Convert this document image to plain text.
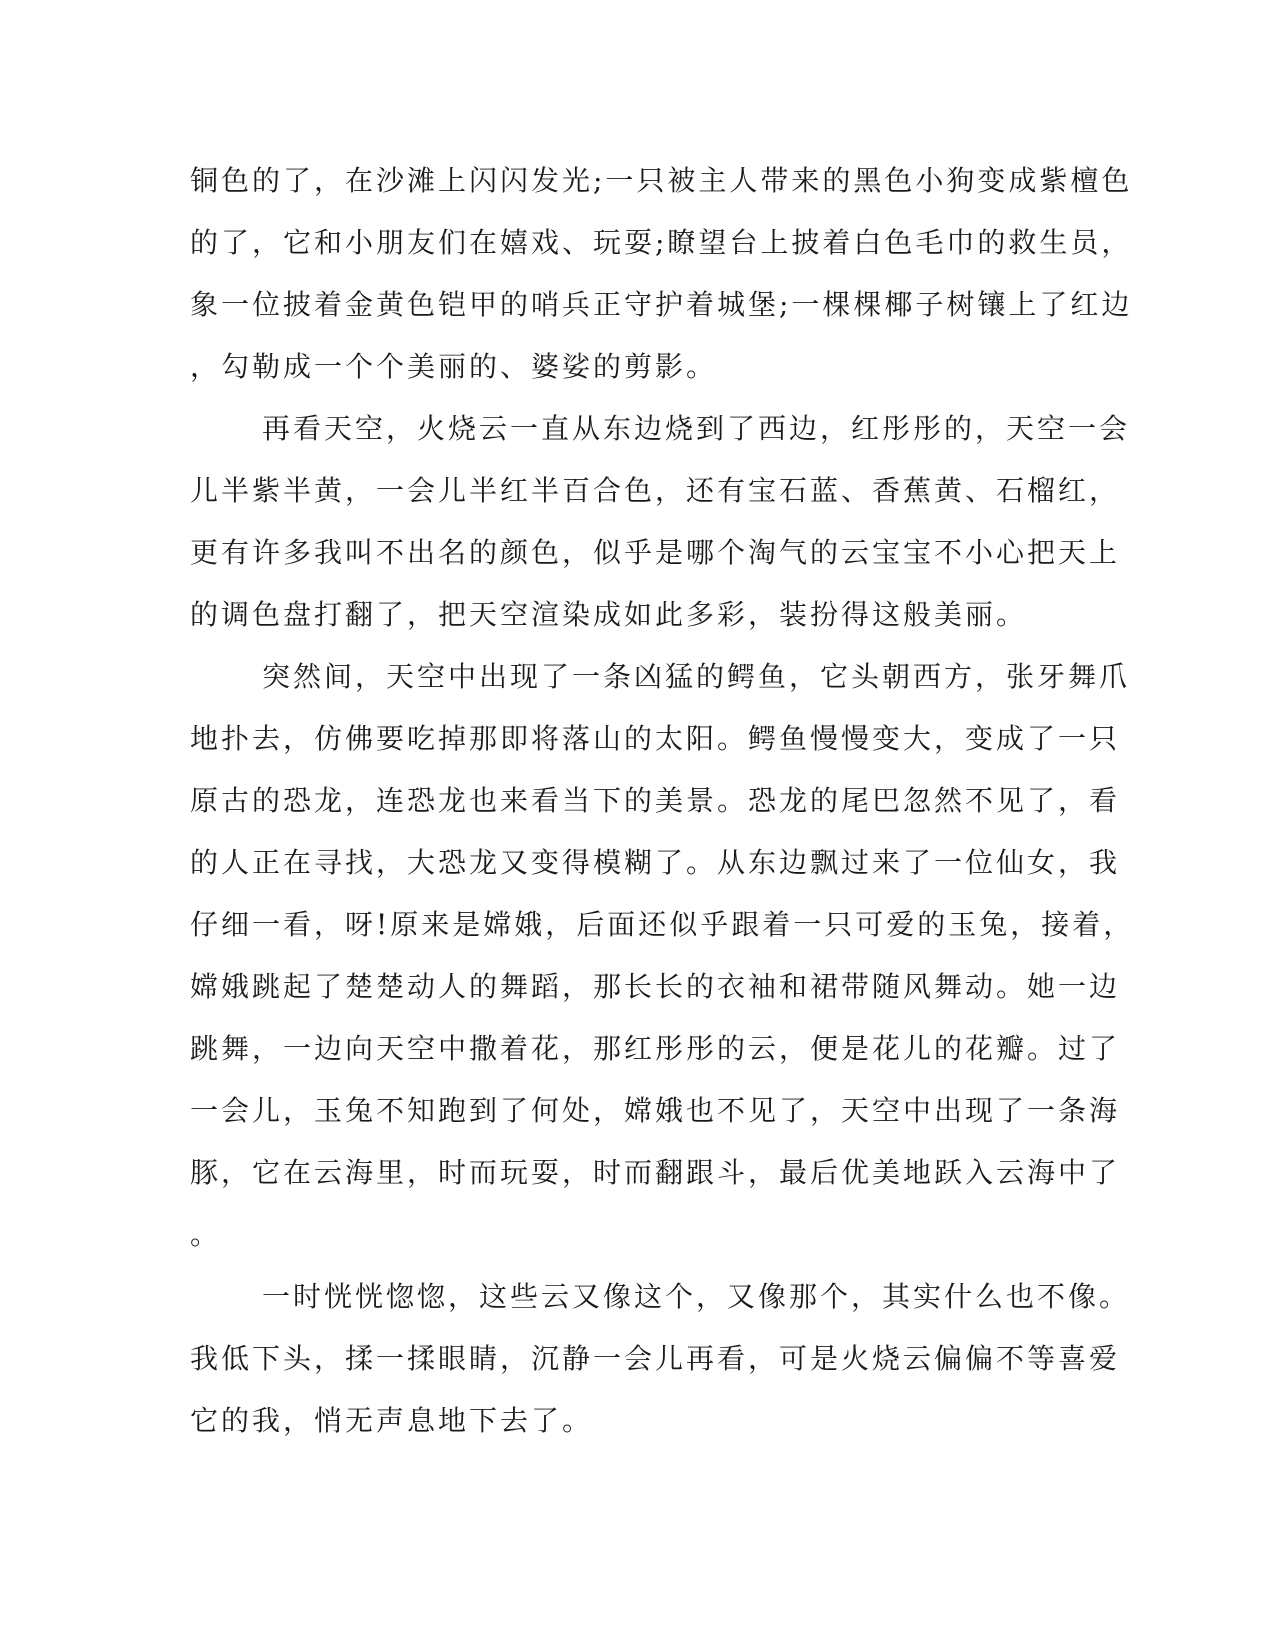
铜色的了，在沙滩上闪闪发光;一只被主人带来的黑色小狗变成紫檀色
的了，它和小朋友们在嬉戏、玩耍;瞭望台上披着白色毛巾的救生员，
象一位披着金黄色铠甲的哨兵正守护着城堡;一棵棵椰子树镶上了红边
，勾勒成一个个美丽的、婆娑的剪影。
再看天空，火烧云一直从东边烧到了西边，红彤彤的，天空一会
儿半紫半黄，一会儿半红半百合色，还有宝石蓝、香蕉黄、石榴红，
更有许多我叫不出名的颜色，似乎是哪个淘气的云宝宝不小心把天上
的调色盘打翻了，把天空渲染成如此多彩，装扮得这般美丽。
突然间，天空中出现了一条凶猛的鳄鱼，它头朝西方，张牙舞爪
地扑去，仿佛要吃掉那即将落山的太阳。鳄鱼慢慢变大，变成了一只
原古的恐龙，连恐龙也来看当下的美景。恐龙的尾巴忽然不见了，看
的人正在寻找，大恐龙又变得模糊了。从东边飘过来了一位仙女，我
仔细一看，呀!原来是嫦娥，后面还似乎跟着一只可爱的玉兔，接着，
嫦娥跳起了楚楚动人的舞蹈，那长长的衣袖和裙带随风舞动。她一边
跳舞，一边向天空中撒着花，那红彤彤的云，便是花儿的花瓣。过了
一会儿，玉兔不知跑到了何处，嫦娥也不见了，天空中出现了一条海
豚，它在云海里，时而玩耍，时而翻跟斗，最后优美地跃入云海中了
。
一时恍恍惚惚，这些云又像这个，又像那个，其实什么也不像。
我低下头，揉一揉眼睛，沉静一会儿再看，可是火烧云偏偏不等喜爱
它的我，悄无声息地下去了。
